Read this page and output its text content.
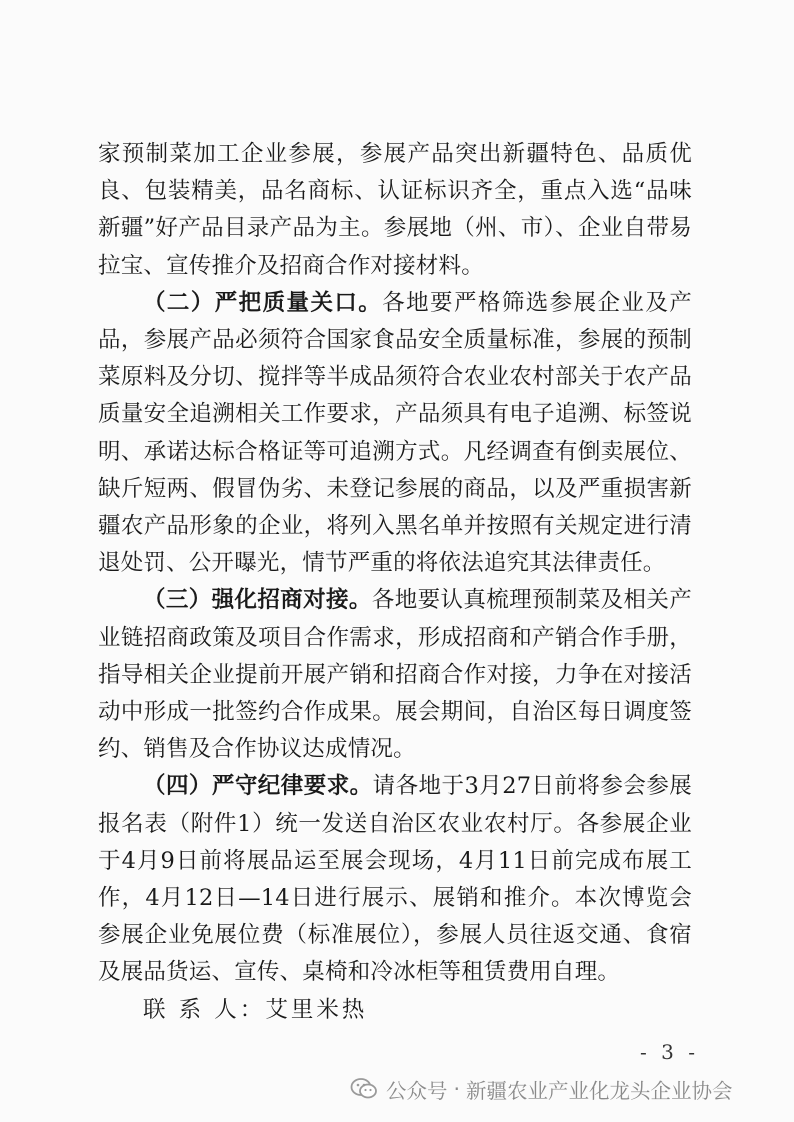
家预制菜加工企业参展，参展产品突出新疆特色、品质优良、包装精美，品名商标、认证标识齐全，重点入选“品味新疆”好产品目录产品为主。参展地（州、市）、企业自带易拉宝、宣传推介及招商合作对接材料。

（二）严把质量关口。各地要严格筛选参展企业及产品，参展产品必须符合国家食品安全质量标准，参展的预制菜原料及分切、搅拌等半成品须符合农业农村部关于农产品质量安全追溯相关工作要求，产品须具有电子追溯、标签说明、承诺达标合格证等可追溯方式。凡经调查有倒卖展位、缺斤短两、假冒伪劣、未登记参展的商品，以及严重损害新疆农产品形象的企业，将列入黑名单并按照有关规定进行清退处罚、公开曝光，情节严重的将依法追究其法律责任。

（三）强化招商对接。各地要认真梳理预制菜及相关产业链招商政策及项目合作需求，形成招商和产销合作手册，指导相关企业提前开展产销和招商合作对接，力争在对接活动中形成一批签约合作成果。展会期间，自治区每日调度签约、销售及合作协议达成情况。

（四）严守纪律要求。请各地于3月27日前将参会参展报名表（附件1）统一发送自治区农业农村厅。各参展企业于4月9日前将展品运至展会现场，4月11日前完成布展工作，4月12日—14日进行展示、展销和推介。本次博览会参展企业免展位费（标准展位），参展人员往返交通、食宿及展品货运、宣传、桌椅和冷冰柜等租赁费用自理。

联 系 人：艾里米热

- 3 -
公众号 · 新疆农业产业化龙头企业协会
